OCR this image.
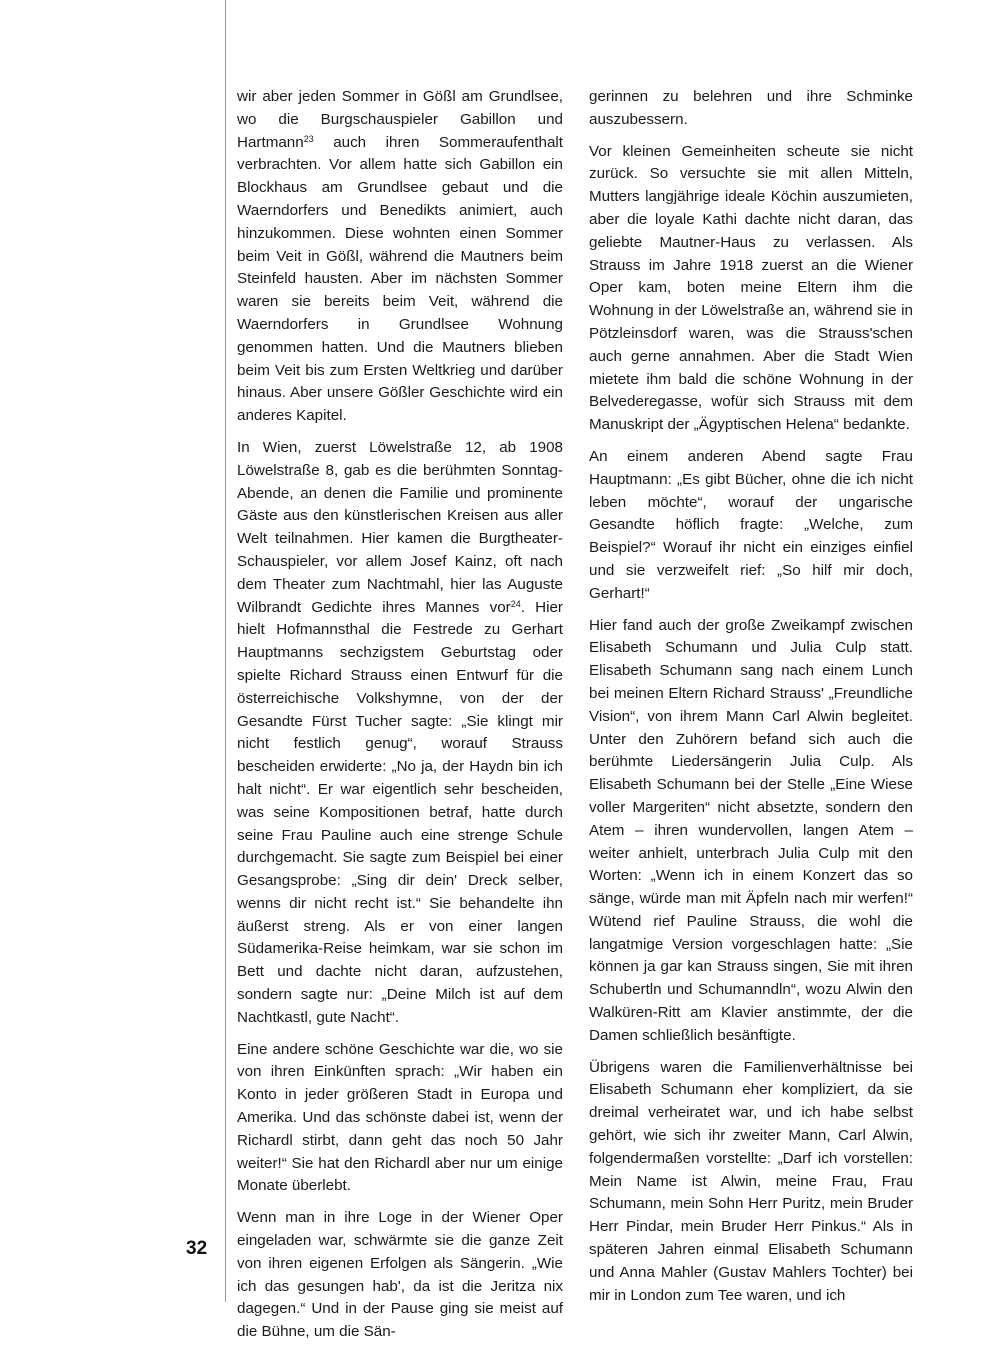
wir aber jeden Sommer in Gößl am Grundlsee, wo die Burgschauspieler Gabillon und Hartmann$^{23}$ auch ihren Sommeraufenthalt verbrachten. Vor allem hatte sich Gabillon ein Blockhaus am Grundlsee gebaut und die Waerndorfers und Benedikts animiert, auch hinzukommen. Diese wohnten einen Sommer beim Veit in Gößl, während die Mautners beim Steinfeld hausten. Aber im nächsten Sommer waren sie bereits beim Veit, während die Waerndorfers in Grundlsee Wohnung genommen hatten. Und die Mautners blieben beim Veit bis zum Ersten Weltkrieg und darüber hinaus. Aber unsere Gößler Geschichte wird ein anderes Kapitel.

In Wien, zuerst Löwelstraße 12, ab 1908 Löwelstraße 8, gab es die berühmten Sonntag-Abende, an denen die Familie und prominente Gäste aus den künstlerischen Kreisen aus aller Welt teilnahmen. Hier kamen die Burgtheater-Schauspieler, vor allem Josef Kainz, oft nach dem Theater zum Nachtmahl, hier las Auguste Wilbrandt Gedichte ihres Mannes vor$^{24}$. Hier hielt Hofmannsthal die Festrede zu Gerhart Hauptmanns sechzigstem Geburtstag oder spielte Richard Strauss einen Entwurf für die österreichische Volkshymne, von der der Gesandte Fürst Tucher sagte: „Sie klingt mir nicht festlich genug“, worauf Strauss bescheiden erwiderte: „No ja, der Haydn bin ich halt nicht“. Er war eigentlich sehr bescheiden, was seine Kompositionen betraf, hatte durch seine Frau Pauline auch eine strenge Schule durchgemacht. Sie sagte zum Beispiel bei einer Gesangsprobe: „Sing dir dein' Dreck selber, wenns dir nicht recht ist.“ Sie behandelte ihn äußerst streng. Als er von einer langen Südamerika-Reise heimkam, war sie schon im Bett und dachte nicht daran, aufzustehen, sondern sagte nur: „Deine Milch ist auf dem Nachtkastl, gute Nacht“.

Eine andere schöne Geschichte war die, wo sie von ihren Einkünften sprach: „Wir haben ein Konto in jeder größeren Stadt in Europa und Amerika. Und das schönste dabei ist, wenn der Richardl stirbt, dann geht das noch 50 Jahr weiter!“ Sie hat den Richardl aber nur um einige Monate überlebt.

Wenn man in ihre Loge in der Wiener Oper eingeladen war, schwärmte sie die ganze Zeit von ihren eigenen Erfolgen als Sängerin. „Wie ich das gesungen hab', da ist die Jeritza nix dagegen.“ Und in der Pause ging sie meist auf die Bühne, um die Sän-

gerinnen zu belehren und ihre Schminke auszubessern.

Vor kleinen Gemeinheiten scheute sie nicht zurück. So versuchte sie mit allen Mitteln, Mutters langjährige ideale Köchin auszumieten, aber die loyale Kathi dachte nicht daran, das geliebte Mautner-Haus zu verlassen. Als Strauss im Jahre 1918 zuerst an die Wiener Oper kam, boten meine Eltern ihm die Wohnung in der Löwelstraße an, während sie in Pötzleinsdorf waren, was die Strauss'schen auch gerne annahmen. Aber die Stadt Wien mietete ihm bald die schöne Wohnung in der Belvederegasse, wofür sich Strauss mit dem Manuskript der „Ägyptischen Helena“ bedankte.

An einem anderen Abend sagte Frau Hauptmann: „Es gibt Bücher, ohne die ich nicht leben möchte“, worauf der ungarische Gesandte höflich fragte: „Welche, zum Beispiel?“ Worauf ihr nicht ein einziges einfiel und sie verzweifelt rief: „So hilf mir doch, Gerhart!“

Hier fand auch der große Zweikampf zwischen Elisabeth Schumann und Julia Culp statt. Elisabeth Schumann sang nach einem Lunch bei meinen Eltern Richard Strauss' „Freundliche Vision“, von ihrem Mann Carl Alwin begleitet. Unter den Zuhörern befand sich auch die berühmte Liedersängerin Julia Culp. Als Elisabeth Schumann bei der Stelle „Eine Wiese voller Margeriten“ nicht absetzte, sondern den Atem – ihren wundervollen, langen Atem – weiter anhielt, unterbrach Julia Culp mit den Worten: „Wenn ich in einem Konzert das so sänge, würde man mit Äpfeln nach mir werfen!“ Wütend rief Pauline Strauss, die wohl die langatmige Version vorgeschlagen hatte: „Sie können ja gar kan Strauss singen, Sie mit ihren Schubertln und Schumanndln“, wozu Alwin den Walküren-Ritt am Klavier anstimmte, der die Damen schließlich besänftigte.

Übrigens waren die Familienverhältnisse bei Elisabeth Schumann eher kompliziert, da sie dreimal verheiratet war, und ich habe selbst gehört, wie sich ihr zweiter Mann, Carl Alwin, folgendermaßen vorstellte: „Darf ich vorstellen: Mein Name ist Alwin, meine Frau, Frau Schumann, mein Sohn Herr Puritz, mein Bruder Herr Pindar, mein Bruder Herr Pinkus.“ Als in späteren Jahren einmal Elisabeth Schumann und Anna Mahler (Gustav Mahlers Tochter) bei mir in London zum Tee waren, und ich

32
